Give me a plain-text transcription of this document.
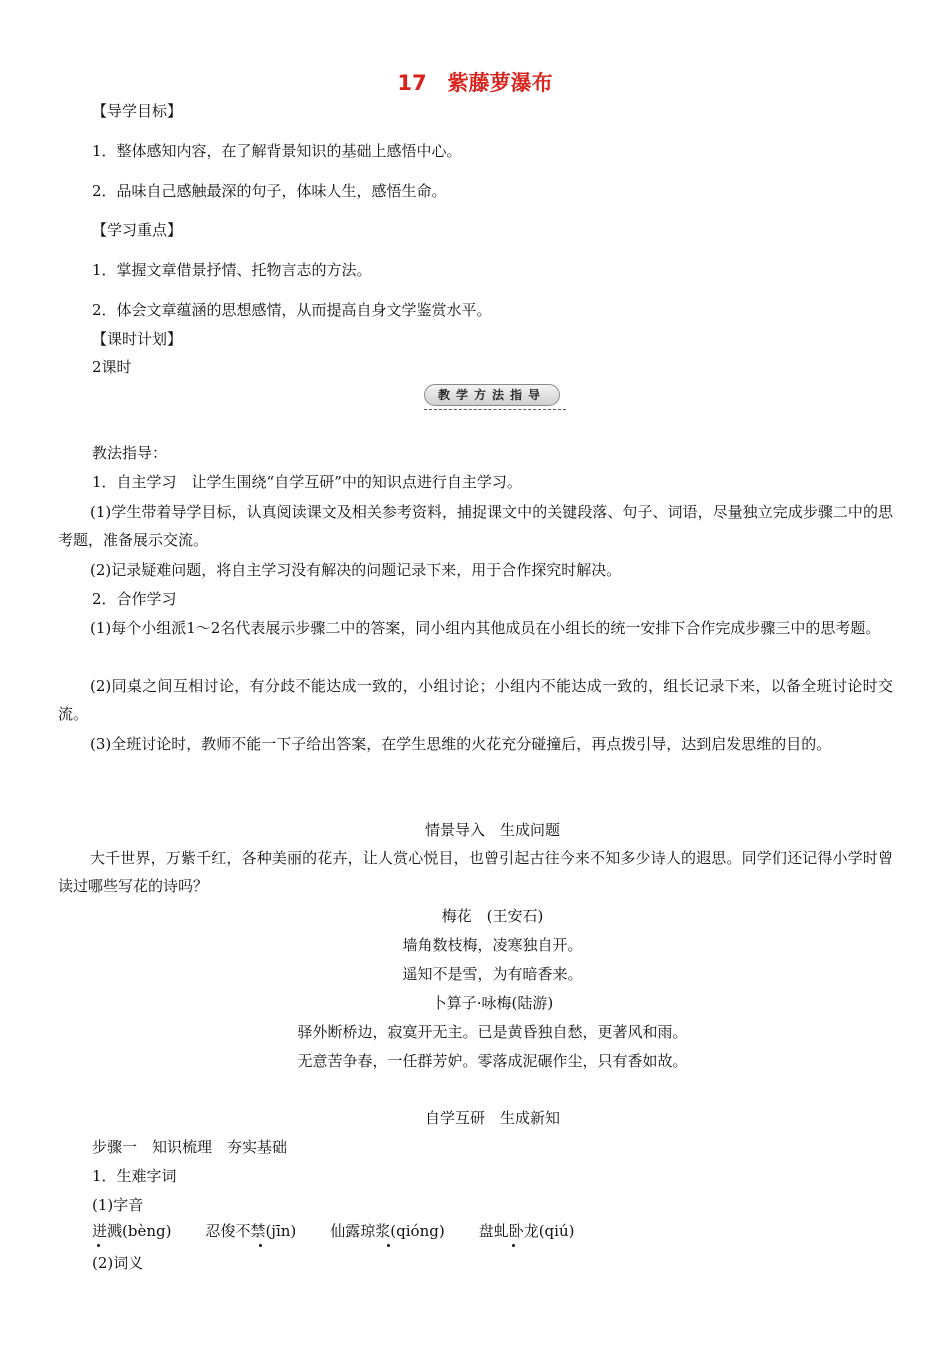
17　紫藤萝瀑布
【导学目标】
1．整体感知内容，在了解背景知识的基础上感悟中心。
2．品味自己感触最深的句子，体味人生，感悟生命。
【学习重点】
1．掌握文章借景抒情、托物言志的方法。
2．体会文章蕴涵的思想感情，从而提高自身文学鉴赏水平。
【课时计划】
2课时
教学方法指导
教法指导：
1．自主学习　让学生围绕“自学互研”中的知识点进行自主学习。
(1)学生带着导学目标，认真阅读课文及相关参考资料，捕捉课文中的关键段落、句子、词语，尽量独立完成步骤二中的思考题，准备展示交流。
(2)记录疑难问题，将自主学习没有解决的问题记录下来，用于合作探究时解决。
2．合作学习
(1)每个小组派1～2名代表展示步骤二中的答案，同小组内其他成员在小组长的统一安排下合作完成步骤三中的思考题。
(2)同桌之间互相讨论，有分歧不能达成一致的，小组讨论；小组内不能达成一致的，组长记录下来，以备全班讨论时交流。
(3)全班讨论时，教师不能一下子给出答案，在学生思维的火花充分碰撞后，再点拨引导，达到启发思维的目的。
情景导入　生成问题
大千世界，万紫千红，各种美丽的花卉，让人赏心悦目，也曾引起古往今来不知多少诗人的遐思。同学们还记得小学时曾读过哪些写花的诗吗？
梅花　(王安石)
墙角数枝梅，凌寒独自开。
遥知不是雪，为有暗香来。
卜算子·咏梅(陆游)
驿外断桥边，寂寞开无主。已是黄昏独自愁，更著风和雨。
无意苦争春，一任群芳妒。零落成泥碾作尘，只有香如故。
自学互研　生成新知
步骤一　知识梳理　夯实基础
1．生难字词
(1)字音
迸溅(bèng) 忍俊不禁(jīn) 仙露琼浆(qióng) 盘虬卧龙(qiú)
(2)词义
